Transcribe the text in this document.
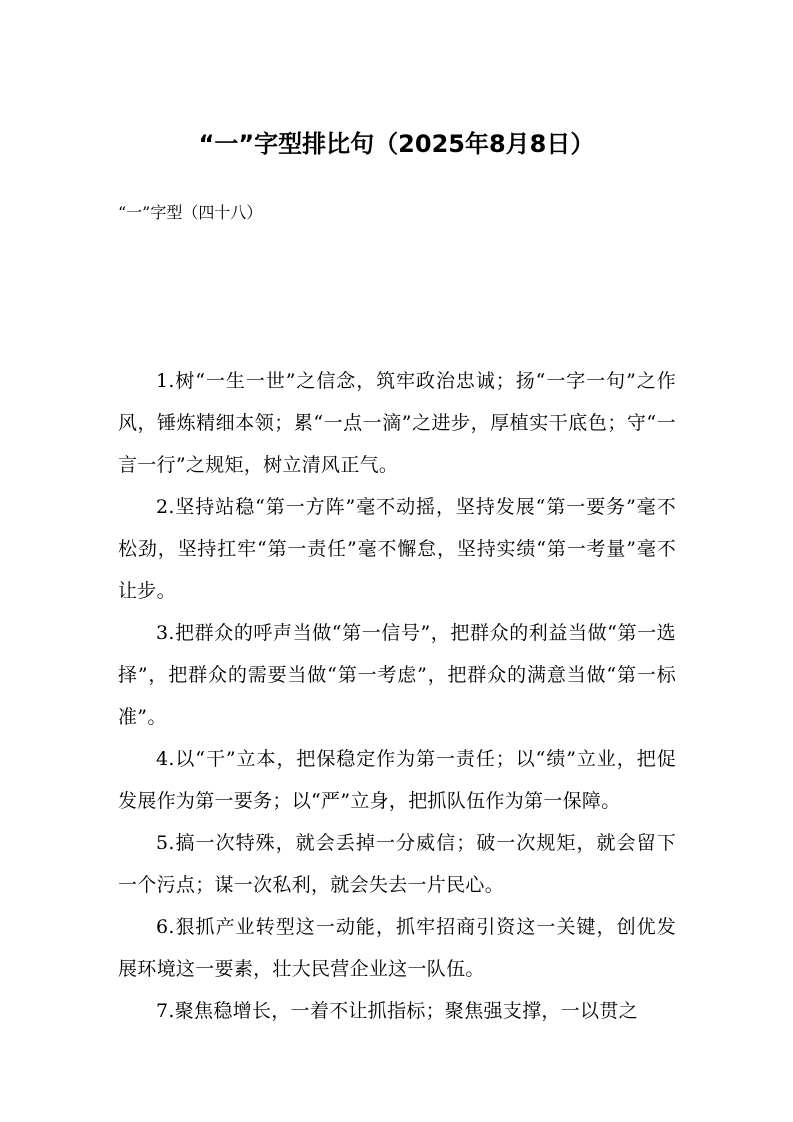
“一”字型排比句（2025年8月8日）

“一”字型（四十八）

1.树“一生一世”之信念，筑牢政治忠诚；扬“一字一句”之作风，锤炼精细本领；累“一点一滴”之进步，厚植实干底色；守“一言一行”之规矩，树立清风正气。

2.坚持站稳“第一方阵”毫不动摇，坚持发展“第一要务”毫不松劲，坚持扛牢“第一责任”毫不懈怠，坚持实绩“第一考量”毫不让步。

3.把群众的呼声当做“第一信号”，把群众的利益当做“第一选择”，把群众的需要当做“第一考虑”，把群众的满意当做“第一标准”。

4.以“干”立本，把保稳定作为第一责任；以“绩”立业，把促发展作为第一要务；以“严”立身，把抓队伍作为第一保障。

5.搞一次特殊，就会丢掉一分威信；破一次规矩，就会留下一个污点；谋一次私利，就会失去一片民心。

6.狠抓产业转型这一动能，抓牢招商引资这一关键，创优发展环境这一要素，壮大民营企业这一队伍。

7.聚焦稳增长，一着不让抓指标；聚焦强支撑，一以贯之
